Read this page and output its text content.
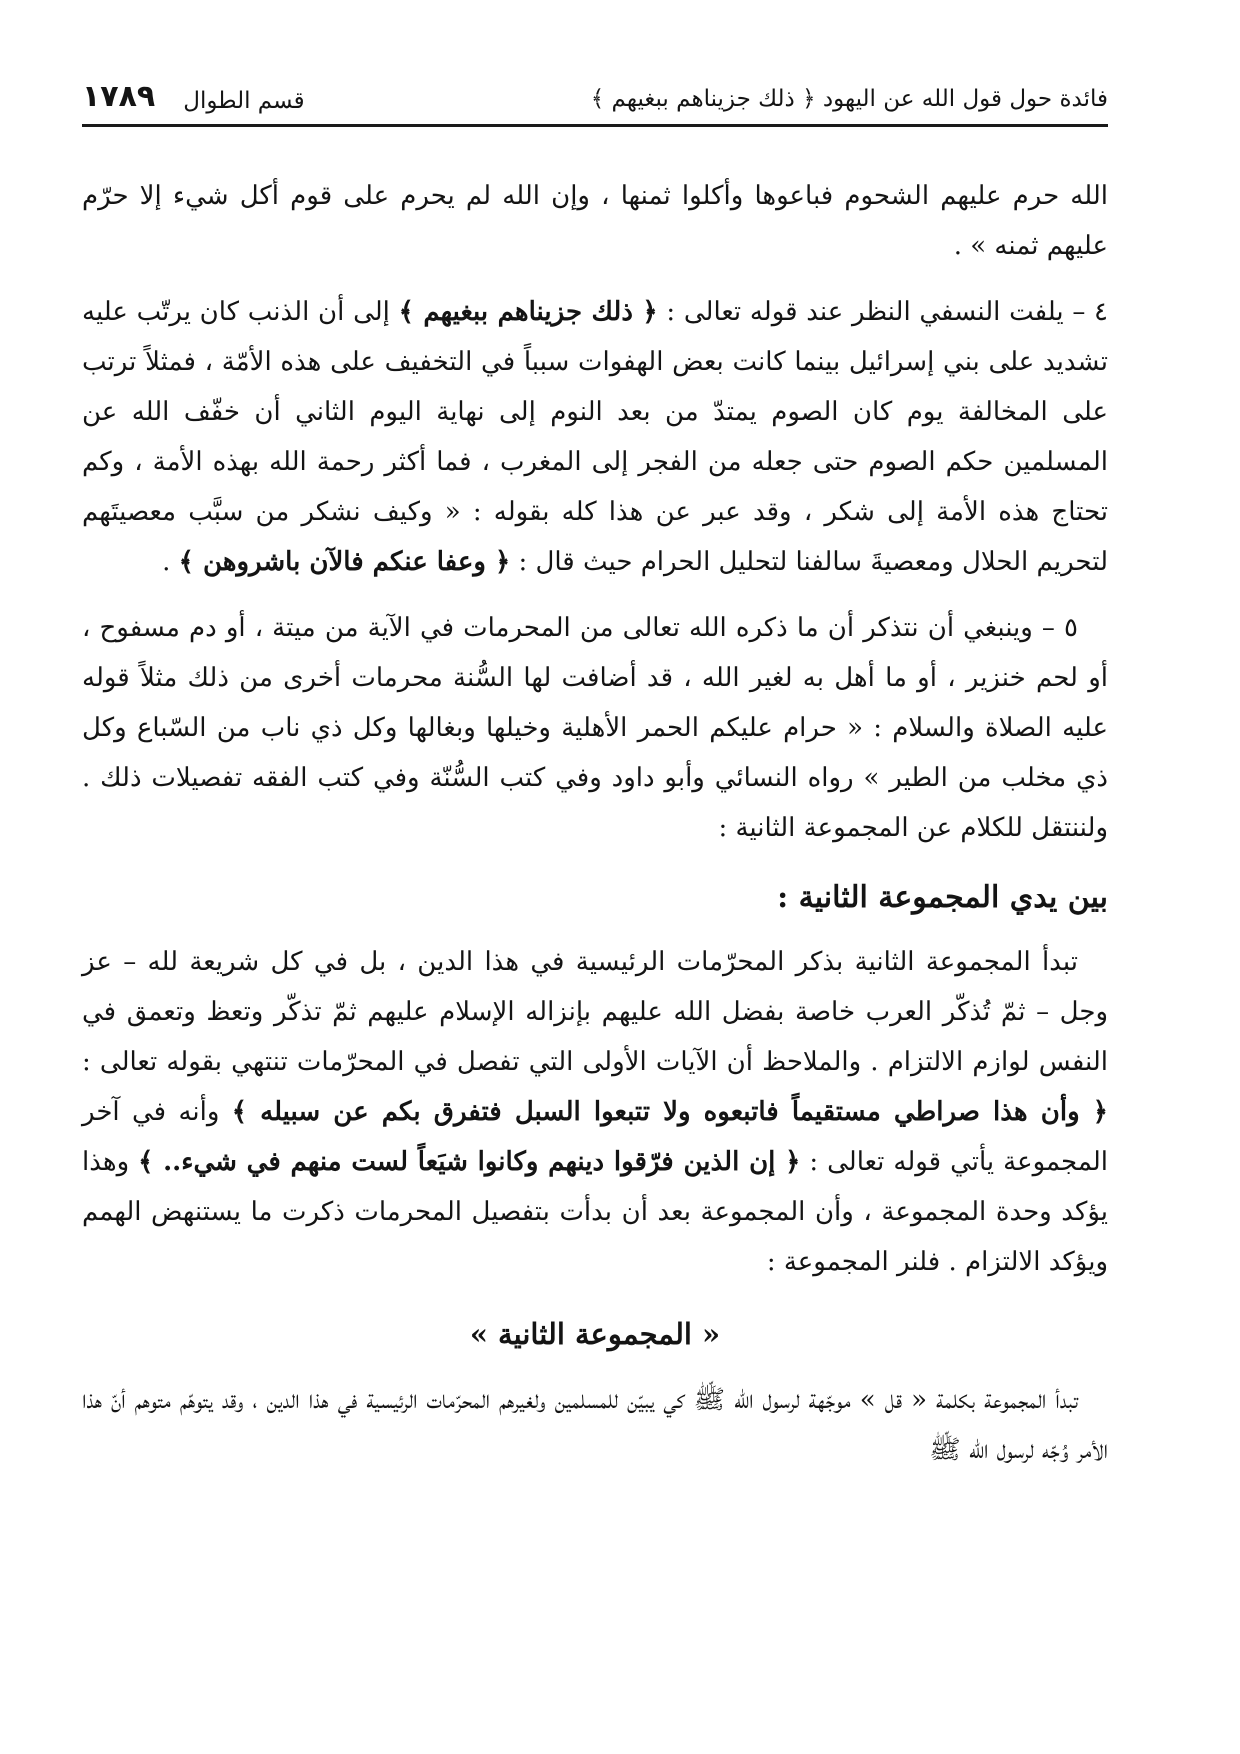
فائدة حول قول الله عن اليهود ﴿ ذلك جزيناهم ببغيهم ﴾
قسم الطوال
١٧٨٩

الله حرم عليهم الشحوم فباعوها وأكلوا ثمنها ، وإن الله لم يحرم على قوم أكل شيء إلا حرّم عليهم ثمنه » .

٤ – يلفت النسفي النظر عند قوله تعالى : ﴿ ذلك جزيناهم ببغيهم ﴾ إلى أن الذنب كان يرتّب عليه تشديد على بني إسرائيل بينما كانت بعض الهفوات سبباً في التخفيف على هذه الأمّة ، فمثلاً ترتب على المخالفة يوم كان الصوم يمتدّ من بعد النوم إلى نهاية اليوم الثاني أن خفّف الله عن المسلمين حكم الصوم حتى جعله من الفجر إلى المغرب ، فما أكثر رحمة الله بهذه الأمة ، وكم تحتاج هذه الأمة إلى شكر ، وقد عبر عن هذا كله بقوله : « وكيف نشكر من سبَّب معصيتَهم لتحريم الحلال ومعصيةَ سالفنا لتحليل الحرام حيث قال : ﴿ وعفا عنكم فالآن باشروهن ﴾ .

٥ – وينبغي أن نتذكر أن ما ذكره الله تعالى من المحرمات في الآية من ميتة ، أو دم مسفوح ، أو لحم خنزير ، أو ما أهل به لغير الله ، قد أضافت لها السُّنة محرمات أخرى من ذلك مثلاً قوله عليه الصلاة والسلام : « حرام عليكم الحمر الأهلية وخيلها وبغالها وكل ذي ناب من السّباع وكل ذي مخلب من الطير » رواه النسائي وأبو داود وفي كتب السُّنّة وفي كتب الفقه تفصيلات ذلك . ولننتقل للكلام عن المجموعة الثانية :

بين يدي المجموعة الثانية :

تبدأ المجموعة الثانية بذكر المحرّمات الرئيسية في هذا الدين ، بل في كل شريعة لله – عز وجل – ثمّ تُذكّر العرب خاصة بفضل الله عليهم بإنزاله الإسلام عليهم ثمّ تذكّر وتعظ وتعمق في النفس لوازم الالتزام . والملاحظ أن الآيات الأولى التي تفصل في المحرّمات تنتهي بقوله تعالى : ﴿ وأن هذا صراطي مستقيماً فاتبعوه ولا تتبعوا السبل فتفرق بكم عن سبيله ﴾ وأنه في آخر المجموعة يأتي قوله تعالى : ﴿ إن الذين فرّقوا دينهم وكانوا شيَعاً لست منهم في شيء.. ﴾ وهذا يؤكد وحدة المجموعة ، وأن المجموعة بعد أن بدأت بتفصيل المحرمات ذكرت ما يستنهض الهمم ويؤكد الالتزام . فلنر المجموعة :

« المجموعة الثانية »

تبدأ المجموعة بكلمة « قل » موجّهة لرسول الله ﷺ كي يبيّن للمسلمين ولغيرهم المحرّمات الرئيسية في هذا الدين ، وقد يتوهّم متوهم أنّ هذا الأمر وُجّه لرسول الله ﷺ
